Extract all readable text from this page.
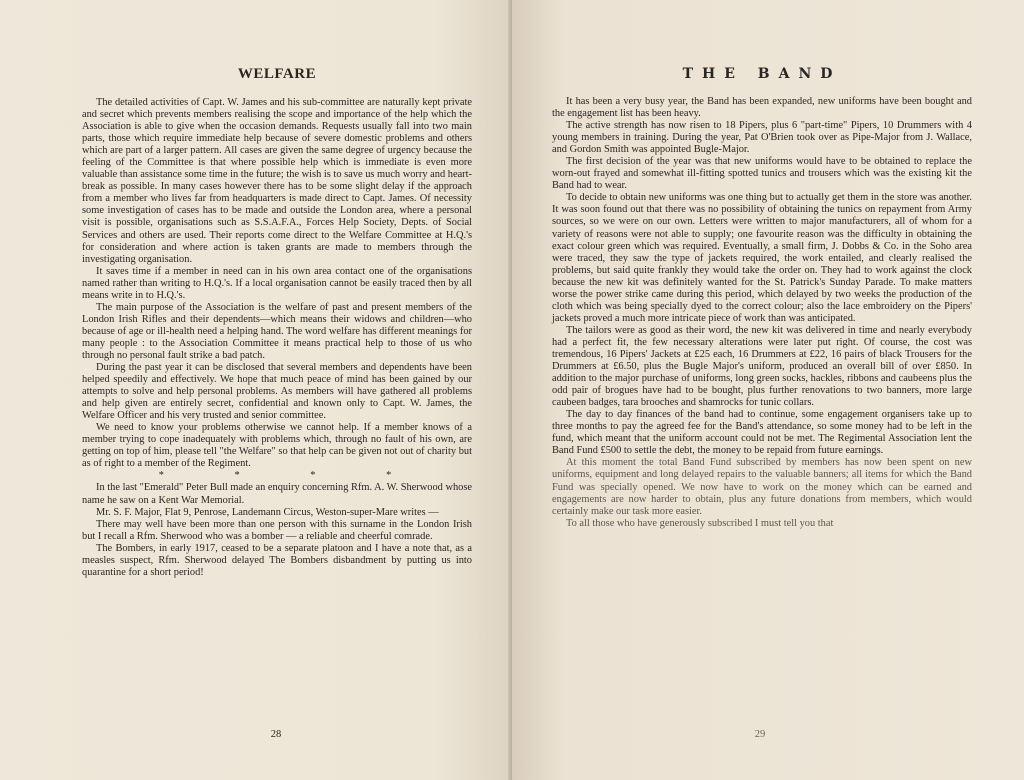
WELFARE

The detailed activities of Capt. W. James and his sub-committee are naturally kept private and secret which prevents members realising the scope and importance of the help which the Association is able to give when the occasion demands. Requests usually fall into two main parts, those which require immediate help because of severe domestic problems and others which are part of a larger pattern. All cases are given the same degree of urgency because the feeling of the Committee is that where possible help which is immediate is even more valuable than assistance some time in the future; the wish is to save us much worry and heart-break as possible. In many cases however there has to be some slight delay if the approach from a member who lives far from headquarters is made direct to Capt. James. Of necessity some investigation of cases has to be made and outside the London area, where a personal visit is possible, organisations such as S.S.A.F.A., Forces Help Society, Depts. of Social Services and others are used. Their reports come direct to the Welfare Committee at H.Q.'s for consideration and where action is taken grants are made to members through the investigating organisation.

It saves time if a member in need can in his own area contact one of the organisations named rather than writing to H.Q.'s. If a local organisation cannot be easily traced then by all means write in to H.Q.'s.

The main purpose of the Association is the welfare of past and present members of the London Irish Rifles and their dependents—which means their widows and children—who because of age or ill-health need a helping hand. The word welfare has different meanings for many people : to the Association Committee it means practical help to those of us who through no personal fault strike a bad patch.

During the past year it can be disclosed that several members and dependents have been helped speedily and effectively. We hope that much peace of mind has been gained by our attempts to solve and help personal problems. As members will have gathered all problems and help given are entirely secret, confidential and known only to Capt. W. James, the Welfare Officer and his very trusted and senior committee.

We need to know your problems otherwise we cannot help. If a member knows of a member trying to cope inadequately with problems which, through no fault of his own, are getting on top of him, please tell "the Welfare" so that help can be given not out of charity but as of right to a member of the Regiment.

* * * *

In the last "Emerald" Peter Bull made an enquiry concerning Rfm. A. W. Sherwood whose name he saw on a Kent War Memorial.

Mr. S. F. Major, Flat 9, Penrose, Landemann Circus, Weston-super-Mare writes —

There may well have been more than one person with this surname in the London Irish but I recall a Rfm. Sherwood who was a bomber — a reliable and cheerful comrade.

The Bombers, in early 1917, ceased to be a separate platoon and I have a note that, as a measles suspect, Rfm. Sherwood delayed The Bombers disbandment by putting us into quarantine for a short period!

28
THE BAND

It has been a very busy year, the Band has been expanded, new uniforms have been bought and the engagement list has been heavy.

The active strength has now risen to 18 Pipers, plus 6 "part-time" Pipers, 10 Drummers with 4 young members in training. During the year, Pat O'Brien took over as Pipe-Major from J. Wallace, and Gordon Smith was appointed Bugle-Major.

The first decision of the year was that new uniforms would have to be obtained to replace the worn-out frayed and somewhat ill-fitting spotted tunics and trousers which was the existing kit the Band had to wear.

To decide to obtain new uniforms was one thing but to actually get them in the store was another. It was soon found out that there was no possibility of obtaining the tunics on repayment from Army sources, so we were on our own. Letters were written to major manufacturers, all of whom for a variety of reasons were not able to supply; one favourite reason was the difficulty in obtaining the exact colour green which was required. Eventually, a small firm, J. Dobbs & Co. in the Soho area were traced, they saw the type of jackets required, the work entailed, and clearly realised the problems, but said quite frankly they would take the order on. They had to work against the clock because the new kit was definitely wanted for the St. Patrick's Sunday Parade. To make matters worse the power strike came during this period, which delayed by two weeks the production of the cloth which was being specially dyed to the correct colour; also the lace embroidery on the Pipers' jackets proved a much more intricate piece of work than was anticipated.

The tailors were as good as their word, the new kit was delivered in time and nearly everybody had a perfect fit, the few necessary alterations were later put right. Of course, the cost was tremendous, 16 Pipers' Jackets at £25 each, 16 Drummers at £22, 16 pairs of black Trousers for the Drummers at £6.50, plus the Bugle Major's uniform, produced an overall bill of over £850. In addition to the major purchase of uniforms, long green socks, hackles, ribbons and caubeens plus the odd pair of brogues have had to be bought, plus further renovations to two banners, more large caubeen badges, tara brooches and shamrocks for tunic collars.

The day to day finances of the band had to continue, some engagement organisers take up to three months to pay the agreed fee for the Band's attendance, so some money had to be left in the fund, which meant that the uniform account could not be met. The Regimental Association lent the Band Fund £500 to settle the debt, the money to be repaid from future earnings.

At this moment the total Band Fund subscribed by members has now been spent on new uniforms, equipment and long delayed repairs to the valuable banners; all items for which the Band Fund was specially opened. We now have to work on the money which can be earned and engagements are now harder to obtain, plus any future donations from members, which would certainly make our task more easier.

To all those who have generously subscribed I must tell you that

29
